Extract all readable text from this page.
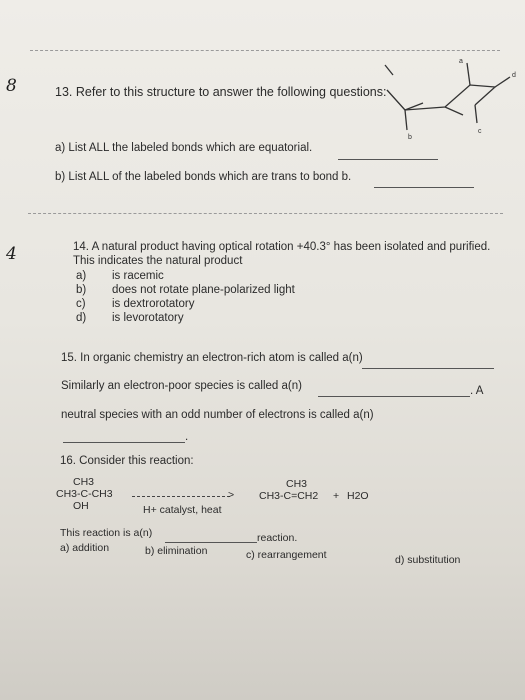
8	13. Refer to this structure to answer the following questions:
b
c
d
a
a) List ALL the labeled bonds which are equatorial.
b) List ALL of the labeled bonds which are trans to bond b.
4	14. A natural product having optical rotation +40.3° has been isolated and purified.
This indicates the natural product
a) is racemic
b) does not rotate plane-polarized light
c) is dextrorotatory
d) is levorotatory
15. In organic chemistry an electron-rich atom is called a(n)
Similarly an electron-poor species is called a(n)	. A
neutral species with an odd number of electrons is called a(n)
.
16. Consider this reaction:
CH3
CH3-C-CH3
OH
>
H+ catalyst, heat
CH3
CH3-C=CH2 + H2O
This reaction is a(n)	reaction.
a) addition	b) elimination	c) rearrangement	d) substitution
